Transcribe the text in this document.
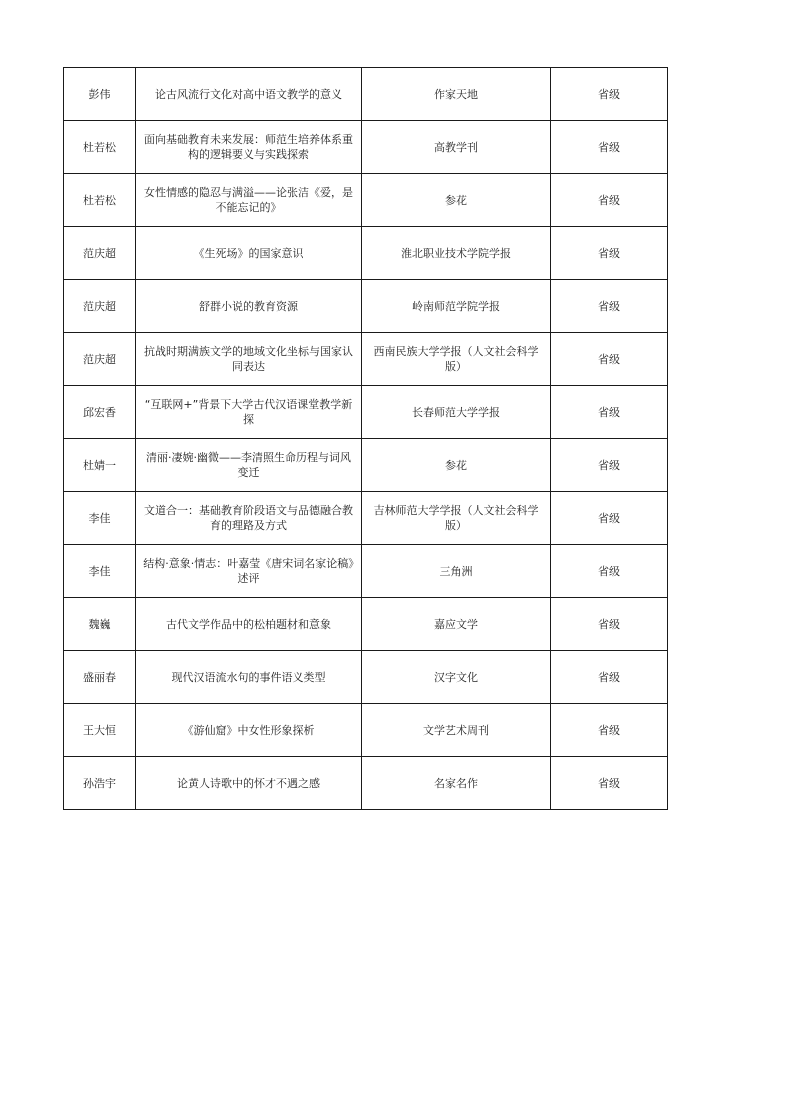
彭伟	论古风流行文化对高中语文教学的意义	作家天地	省级
杜若松	面向基础教育未来发展：师范生培养体系重构的逻辑要义与实践探索	高教学刊	省级
杜若松	女性情感的隐忍与满溢——论张洁《爱，是不能忘记的》	参花	省级
范庆超	《生死场》的国家意识	淮北职业技术学院学报	省级
范庆超	舒群小说的教育资源	岭南师范学院学报	省级
范庆超	抗战时期满族文学的地域文化坐标与国家认同表达	西南民族大学学报（人文社会科学版）	省级
邱宏香	“互联网+”背景下大学古代汉语课堂教学新探	长春师范大学学报	省级
杜婧一	清丽·凄婉·幽微——李清照生命历程与词风变迁	参花	省级
李佳	文道合一：基础教育阶段语文与品德融合教育的理路及方式	吉林师范大学学报（人文社会科学版）	省级
李佳	结构·意象·情志：叶嘉莹《唐宋词名家论稿》述评	三角洲	省级
魏巍	古代文学作品中的松柏题材和意象	嘉应文学	省级
盛丽春	现代汉语流水句的事件语义类型	汉字文化	省级
王大恒	《游仙窟》中女性形象探析	文学艺术周刊	省级
孙浩宇	论黄人诗歌中的怀才不遇之感	名家名作	省级
